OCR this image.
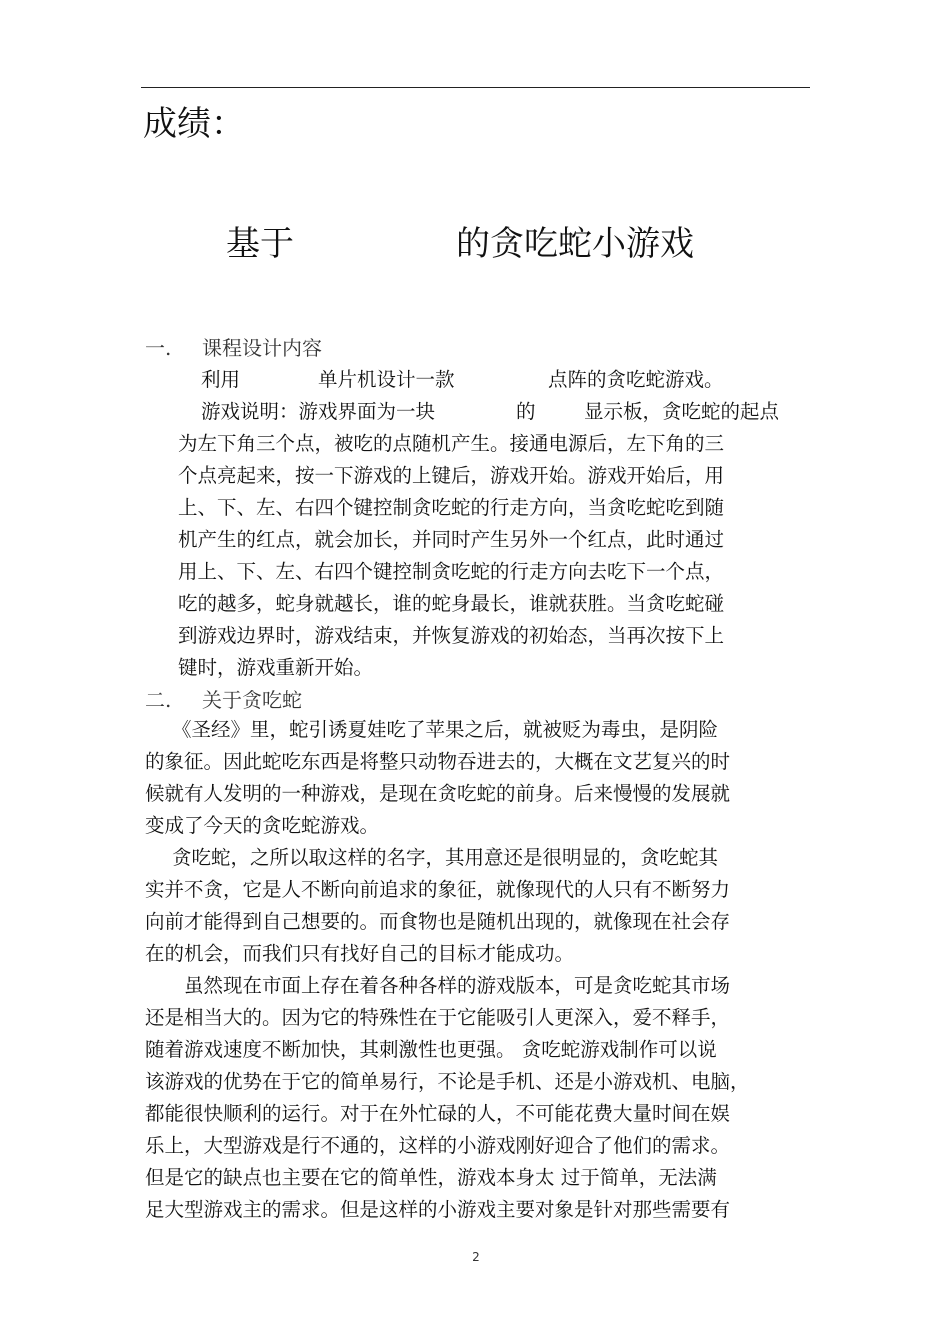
成绩：
基于	的贪吃蛇小游戏
一. 课程设计内容
利用	单片机设计一款	点阵的贪吃蛇游戏。
游戏说明：游戏界面为一块	的 显示板，贪吃蛇的起点
为左下角三个点，被吃的点随机产生。接通电源后，左下角的三
个点亮起来，按一下游戏的上键后，游戏开始。游戏开始后，用
上、下、左、右四个键控制贪吃蛇的行走方向，当贪吃蛇吃到随
机产生的红点，就会加长，并同时产生另外一个红点，此时通过
用上、下、左、右四个键控制贪吃蛇的行走方向去吃下一个点，
吃的越多，蛇身就越长，谁的蛇身最长，谁就获胜。当贪吃蛇碰
到游戏边界时，游戏结束，并恢复游戏的初始态，当再次按下上
键时，游戏重新开始。
二. 关于贪吃蛇
《圣经》里，蛇引诱夏娃吃了苹果之后，就被贬为毒虫，是阴险
的象征。因此蛇吃东西是将整只动物吞进去的，大概在文艺复兴的时
候就有人发明的一种游戏，是现在贪吃蛇的前身。后来慢慢的发展就
变成了今天的贪吃蛇游戏。
贪吃蛇，之所以取这样的名字，其用意还是很明显的，贪吃蛇其
实并不贪，它是人不断向前追求的象征，就像现代的人只有不断努力
向前才能得到自己想要的。而食物也是随机出现的，就像现在社会存
在的机会，而我们只有找好自己的目标才能成功。
虽然现在市面上存在着各种各样的游戏版本，可是贪吃蛇其市场
还是相当大的。因为它的特殊性在于它能吸引人更深入，爱不释手，
随着游戏速度不断加快，其刺激性也更强。 贪吃蛇游戏制作可以说
该游戏的优势在于它的简单易行，不论是手机、还是小游戏机、电脑，
都能很快顺利的运行。对于在外忙碌的人，不可能花费大量时间在娱
乐上，大型游戏是行不通的，这样的小游戏刚好迎合了他们的需求。
但是它的缺点也主要在它的简单性，游戏本身太 过于简单，无法满
足大型游戏主的需求。但是这样的小游戏主要对象是针对那些需要有
2
